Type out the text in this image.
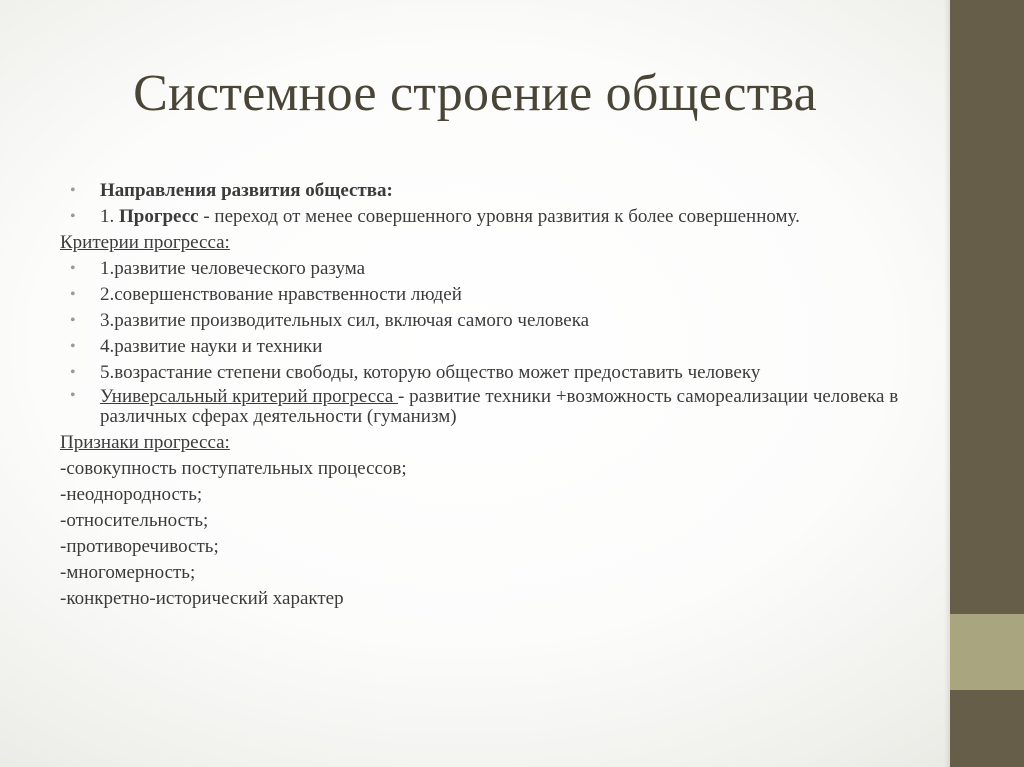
Системное строение общества
• Направления развития общества:
• 1. Прогресс - переход от менее совершенного уровня развития к более совершенному.
Критерии прогресса:
• 1.развитие человеческого разума
• 2.совершенствование нравственности людей
• 3.развитие производительных сил, включая самого человека
• 4.развитие науки и техники
• 5.возрастание степени свободы, которую общество может предоставить человеку
• Универсальный критерий прогресса - развитие техники +возможность самореализации человека в различных сферах деятельности (гуманизм)
Признаки прогресса:
-совокупность поступательных процессов;
-неоднородность;
-относительность;
-противоречивость;
-многомерность;
-конкретно-исторический характер
